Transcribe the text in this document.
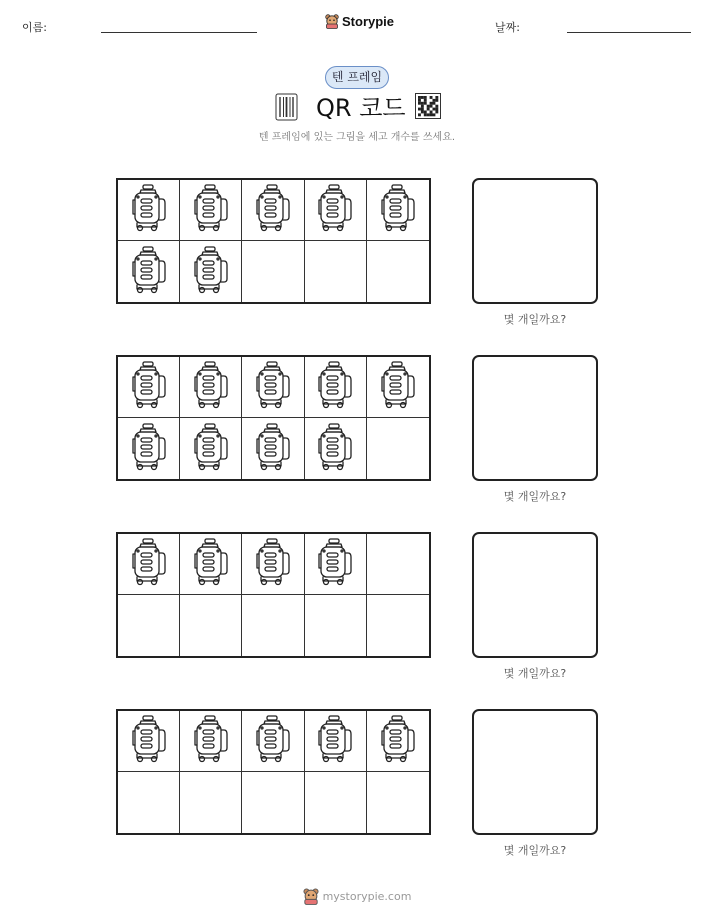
이름:	Storypie	날짜:
텐 프레임
QR 코드
텐 프레임에 있는 그림을 세고 개수를 쓰세요.
몇 개일까요?
몇 개일까요?
몇 개일까요?
몇 개일까요?
mystorypie.com
